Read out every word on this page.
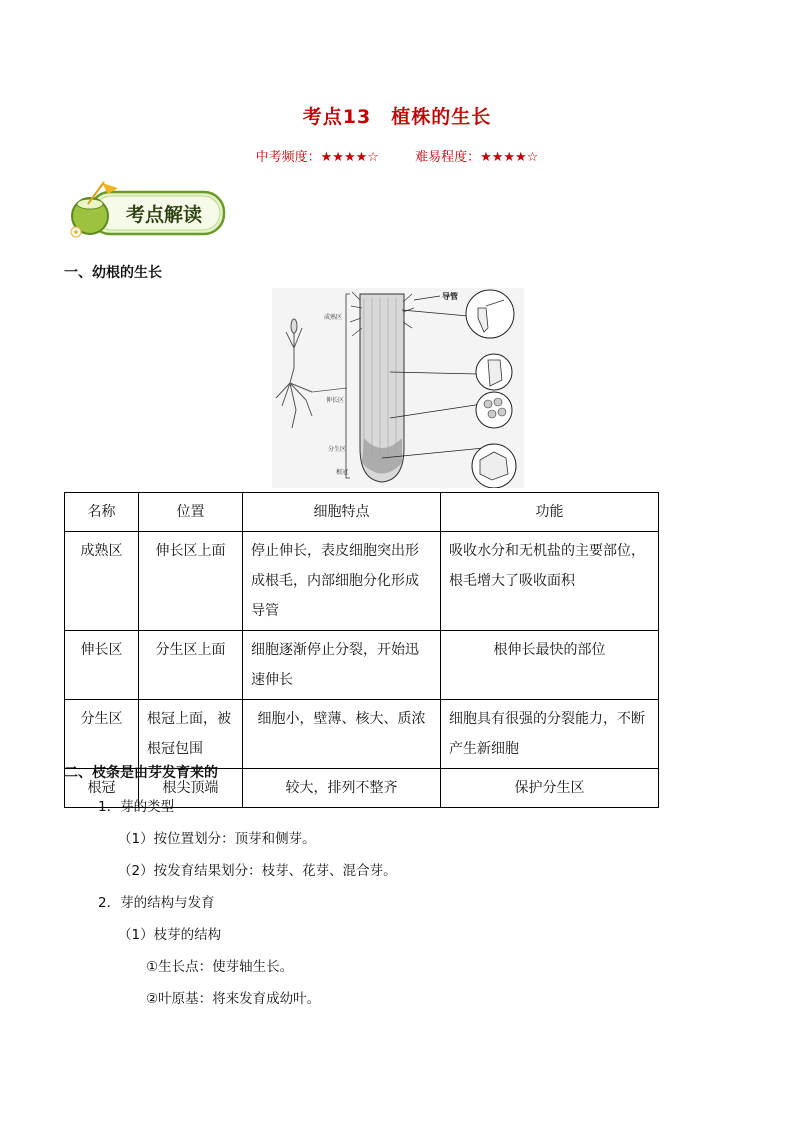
考点13　植株的生长
中考频度：★★★★☆	难易程度：★★★★☆
考点解读
一、幼根的生长
成熟区
伸长区
分生区
根冠
导管
名称	位置	细胞特点	功能
成熟区	伸长区上面	停止伸长，表皮细胞突出形成根毛，内部细胞分化形成导管	吸收水分和无机盐的主要部位，根毛增大了吸收面积
伸长区	分生区上面	细胞逐渐停止分裂，开始迅速伸长	根伸长最快的部位
分生区	根冠上面，被根冠包围	细胞小，壁薄、核大、质浓	细胞具有很强的分裂能力，不断产生新细胞
根冠	根尖顶端	较大，排列不整齐	保护分生区
二、枝条是由芽发育来的
1．芽的类型
（1）按位置划分：顶芽和侧芽。
（2）按发育结果划分：枝芽、花芽、混合芽。
2．芽的结构与发育
（1）枝芽的结构
①生长点：使芽轴生长。
②叶原基：将来发育成幼叶。
